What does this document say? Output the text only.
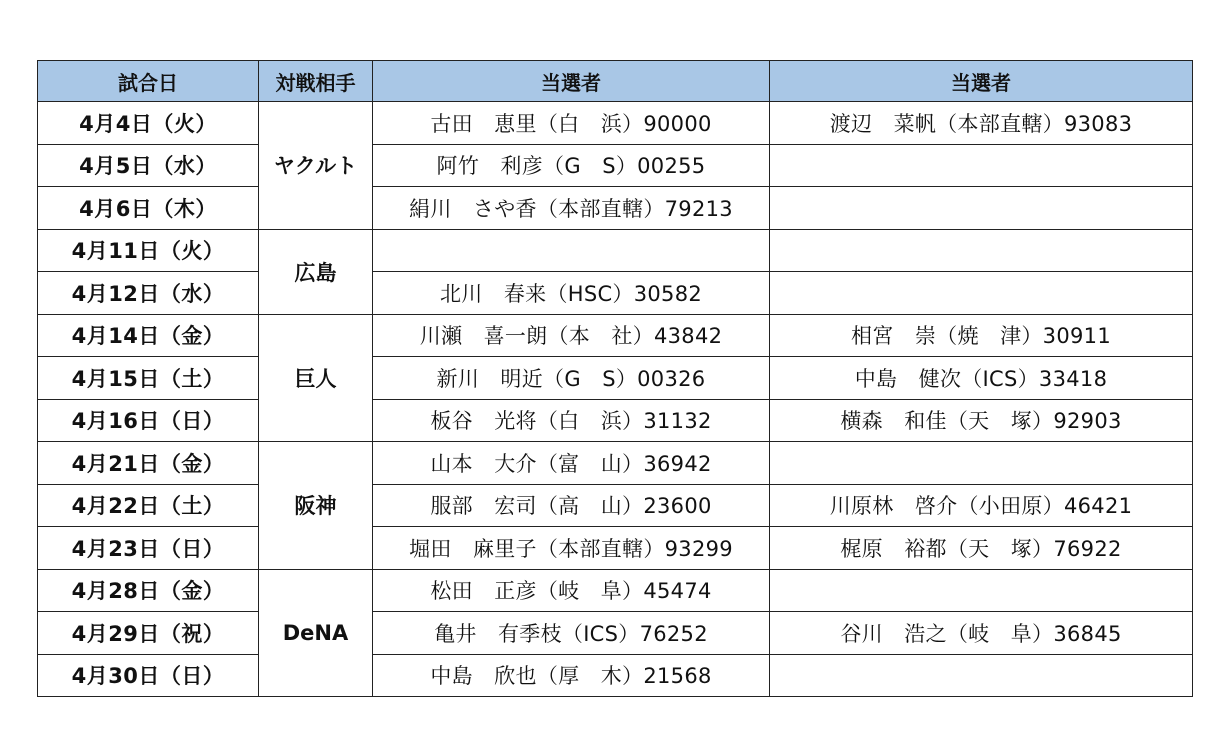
試合日	対戦相手	当選者	当選者
4月4日（火）	ヤクルト	古田　恵里（白　浜）90000	渡辺　菜帆（本部直轄）93083
4月5日（水）		阿竹　利彦（G　S）00255	
4月6日（木）		絹川　さや香（本部直轄）79213	
4月11日（火）	広島		
4月12日（水）		北川　春来（HSC）30582	
4月14日（金）	巨人	川瀬　喜一朗（本　社）43842	相宮　崇（焼　津）30911
4月15日（土）		新川　明近（G　S）00326	中島　健次（ICS）33418
4月16日（日）		板谷　光将（白　浜）31132	横森　和佳（天　塚）92903
4月21日（金）	阪神	山本　大介（富　山）36942	
4月22日（土）		服部　宏司（高　山）23600	川原林　啓介（小田原）46421
4月23日（日）		堀田　麻里子（本部直轄）93299	梶原　裕都（天　塚）76922
4月28日（金）	DeNA	松田　正彦（岐　阜）45474	
4月29日（祝）		亀井　有季枝（ICS）76252	谷川　浩之（岐　阜）36845
4月30日（日）		中島　欣也（厚　木）21568	
